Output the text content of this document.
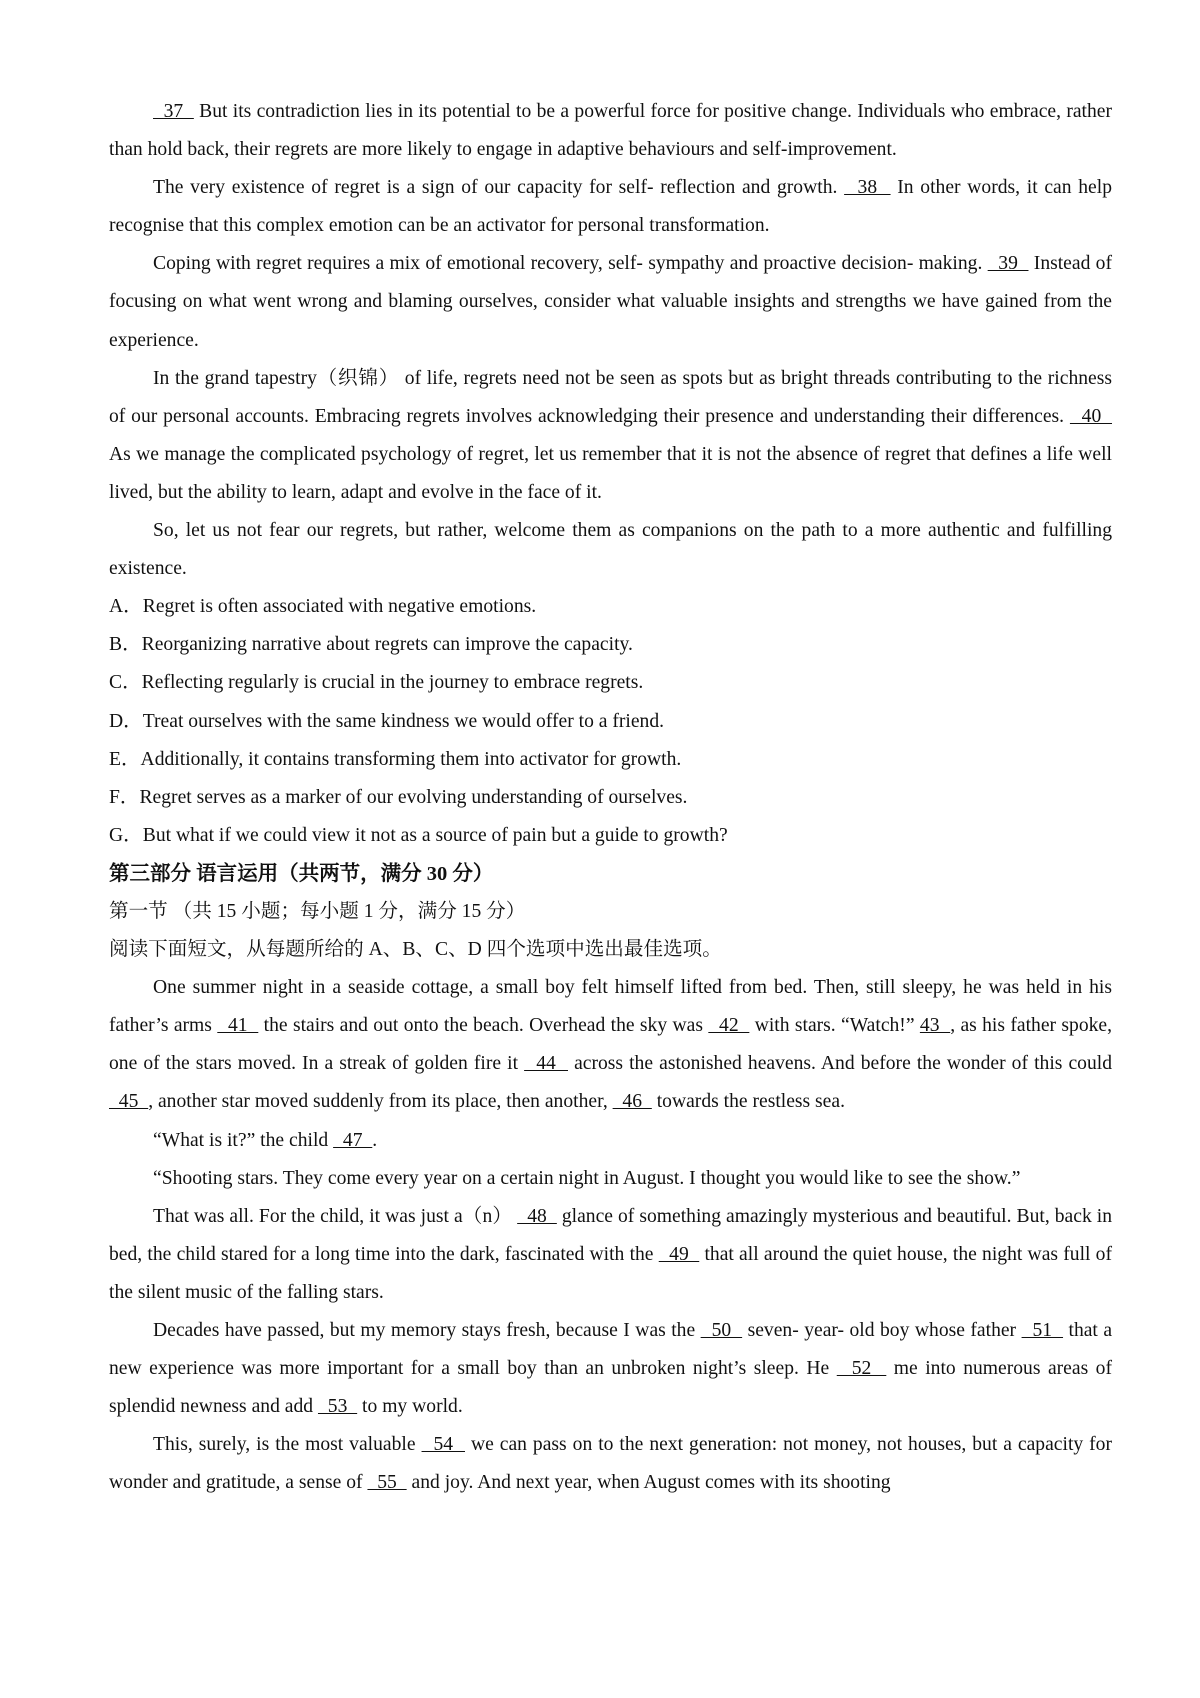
37   But its contradiction lies in its potential to be a powerful force for positive change. Individuals who embrace, rather than hold back, their regrets are more likely to engage in adaptive behaviours and self-improvement.

The very existence of regret is a sign of our capacity for self- reflection and growth.   38   In other words, it can help recognise that this complex emotion can be an activator for personal transformation.

Coping with regret requires a mix of emotional recovery, self- sympathy and proactive decision- making.   39   Instead of focusing on what went wrong and blaming ourselves, consider what valuable insights and strengths we have gained from the experience.

In the grand tapestry（织锦） of life, regrets need not be seen as spots but as bright threads contributing to the richness of our personal accounts. Embracing regrets involves acknowledging their presence and understanding their differences.   40   As we manage the complicated psychology of regret, let us remember that it is not the absence of regret that defines a life well lived, but the ability to learn, adapt and evolve in the face of it.

So, let us not fear our regrets, but rather, welcome them as companions on the path to a more authentic and fulfilling existence.

A．Regret is often associated with negative emotions.

B．Reorganizing narrative about regrets can improve the capacity.

C．Reflecting regularly is crucial in the journey to embrace regrets.

D．Treat ourselves with the same kindness we would offer to a friend.

E．Additionally, it contains transforming them into activator for growth.

F．Regret serves as a marker of our evolving understanding of ourselves.

G．But what if we could view it not as a source of pain but a guide to growth?

第三部分 语言运用（共两节，满分 30 分）

第一节 （共 15 小题；每小题 1 分，满分 15 分）

阅读下面短文，从每题所给的 A、B、C、D 四个选项中选出最佳选项。

One summer night in a seaside cottage, a small boy felt himself lifted from bed. Then, still sleepy, he was held in his father’s arms   41   the stairs and out onto the beach. Overhead the sky was   42   with stars. “Watch!” 43  , as his father spoke, one of the stars moved. In a streak of golden fire it   44   across the astonished heavens. And before the wonder of this could   45  , another star moved suddenly from its place, then another,   46   towards the restless sea.

“What is it?” the child   47  .

“Shooting stars. They come every year on a certain night in August. I thought you would like to see the show.”

That was all. For the child, it was just a（n）   48   glance of something amazingly mysterious and beautiful. But, back in bed, the child stared for a long time into the dark, fascinated with the   49   that all around the quiet house, the night was full of the silent music of the falling stars.

Decades have passed, but my memory stays fresh, because I was the   50   seven- year- old boy whose father   51   that a new experience was more important for a small boy than an unbroken night’s sleep. He   52   me into numerous areas of splendid newness and add   53   to my world.

This, surely, is the most valuable   54   we can pass on to the next generation: not money, not houses, but a capacity for wonder and gratitude, a sense of   55   and joy. And next year, when August comes with its shooting
